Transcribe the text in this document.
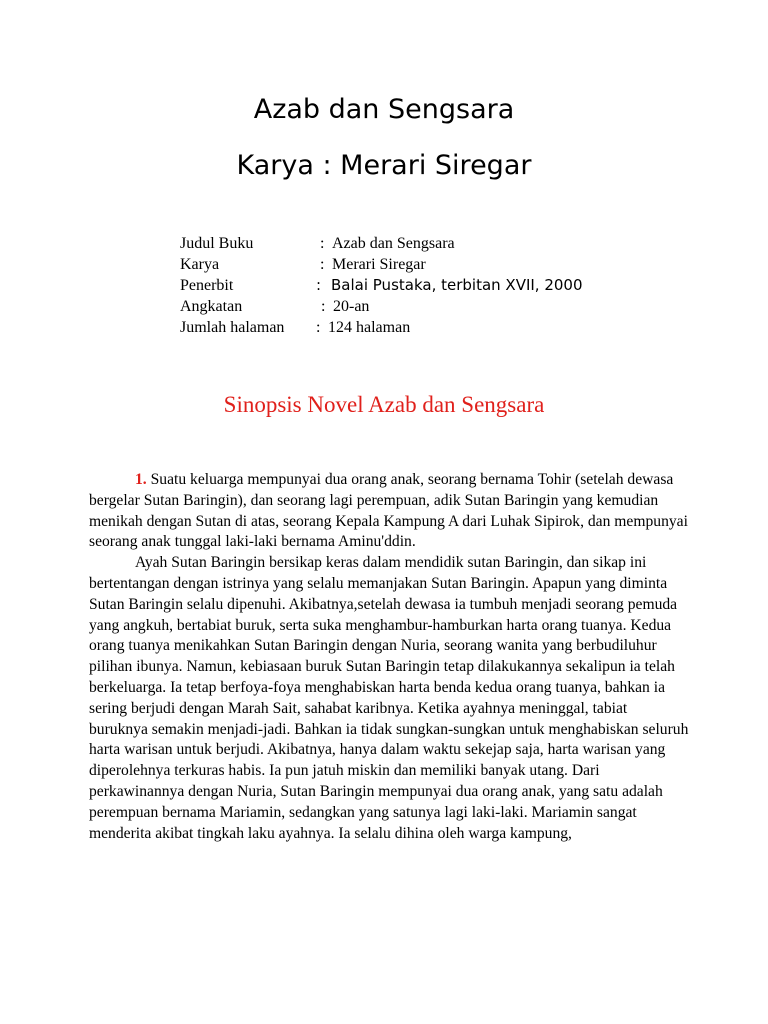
Azab dan Sengsara
Karya : Merari Siregar
Judul Buku	: Azab dan Sengsara
Karya	: Merari Siregar
Penerbit	: Balai Pustaka, terbitan XVII, 2000
Angkatan	: 20-an
Jumlah halaman : 124 halaman
Sinopsis Novel Azab dan Sengsara

1. Suatu keluarga mempunyai dua orang anak, seorang bernama Tohir (setelah dewasa bergelar Sutan Baringin), dan seorang lagi perempuan, adik Sutan Baringin yang kemudian menikah dengan Sutan di atas, seorang Kepala Kampung A dari Luhak Sipirok, dan mempunyai seorang anak tunggal laki-laki bernama Aminu'ddin.

Ayah Sutan Baringin bersikap keras dalam mendidik sutan Baringin, dan sikap ini bertentangan dengan istrinya yang selalu memanjakan Sutan Baringin. Apapun yang diminta Sutan Baringin selalu dipenuhi. Akibatnya,setelah dewasa ia tumbuh menjadi seorang pemuda yang angkuh, bertabiat buruk, serta suka menghambur-hamburkan harta orang tuanya. Kedua orang tuanya menikahkan Sutan Baringin dengan Nuria, seorang wanita yang berbudiluhur pilihan ibunya. Namun, kebiasaan buruk Sutan Baringin tetap dilakukannya sekalipun ia telah berkeluarga. Ia tetap berfoya-foya menghabiskan harta benda kedua orang tuanya, bahkan ia sering berjudi dengan Marah Sait, sahabat karibnya. Ketika ayahnya meninggal, tabiat buruknya semakin menjadi-jadi. Bahkan ia tidak sungkan-sungkan untuk menghabiskan seluruh harta warisan untuk berjudi. Akibatnya, hanya dalam waktu sekejap saja, harta warisan yang diperolehnya terkuras habis. Ia pun jatuh miskin dan memiliki banyak utang. Dari perkawinannya dengan Nuria, Sutan Baringin mempunyai dua orang anak, yang satu adalah perempuan bernama Mariamin, sedangkan yang satunya lagi laki-laki. Mariamin sangat menderita akibat tingkah laku ayahnya. Ia selalu dihina oleh warga kampung,
